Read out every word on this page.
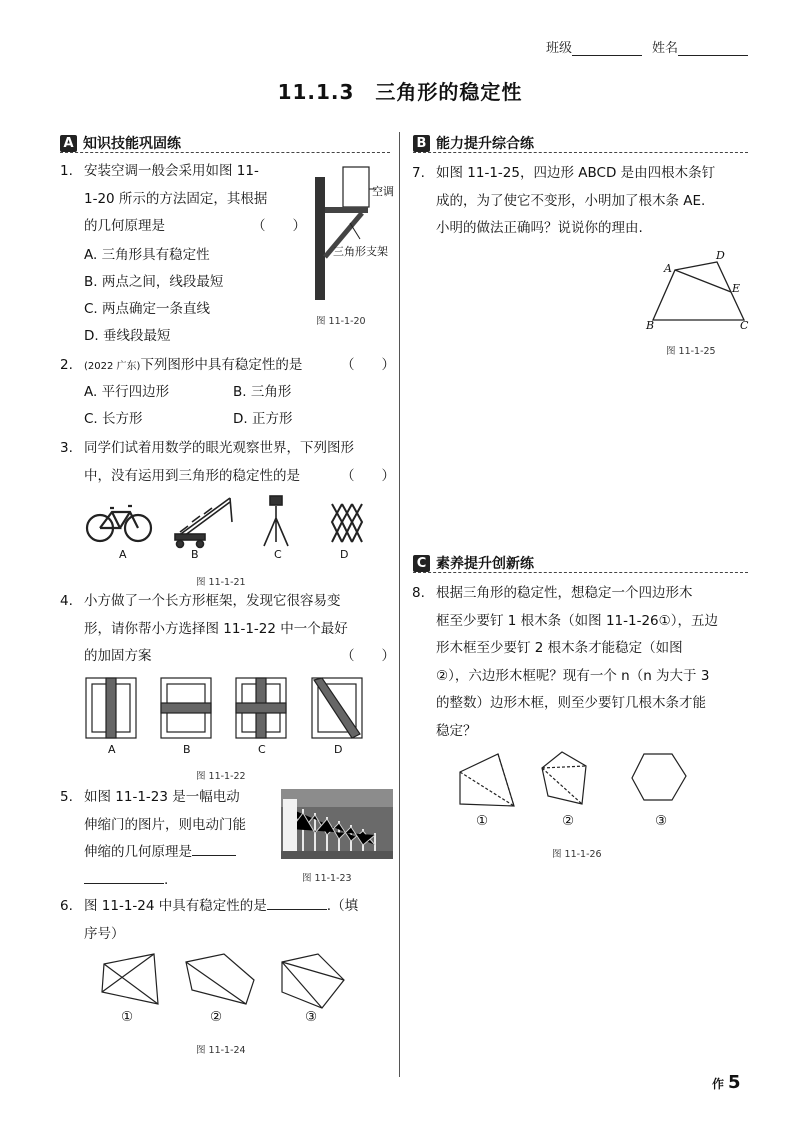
班级	姓名
11.1.3　三角形的稳定性
A 知识技能巩固练
1. 安装空调一般会采用如图 11-
1-20 所示的方法固定，其根据
的几何原理是	（　　）
A. 三角形具有稳定性
B. 两点之间，线段最短
C. 两点确定一条直线
D. 垂线段最短
空调
三角形支架
图 11-1-20
2. (2022 广东)下列图形中具有稳定性的是	（　　）
A. 平行四边形	B. 三角形
C. 长方形	D. 正方形
3. 同学们试着用数学的眼光观察世界，下列图形
中，没有运用到三角形的稳定性的是	（　　）
A	B	C	D
图 11-1-21
4. 小方做了一个长方形框架，发现它很容易变
形，请你帮小方选择图 11-1-22 中一个最好
的加固方案	（　　）
A	B	C	D
图 11-1-22
5. 如图 11-1-23 是一幅电动
伸缩门的图片，则电动门能
伸缩的几何原理是
.	图 11-1-23
6. 图 11-1-24 中具有稳定性的是	.（填
序号）
①	②	③
图 11-1-24
B 能力提升综合练
7. 如图 11-1-25，四边形 ABCD 是由四根木条钉
成的，为了使它不变形，小明加了根木条 AE.
小明的做法正确吗？说说你的理由.
A
D
E
B	C
图 11-1-25
C 素养提升创新练
8. 根据三角形的稳定性，想稳定一个四边形木
框至少要钉 1 根木条（如图 11-1-26①），五边
形木框至少要钉 2 根木条才能稳定（如图
②），六边形木框呢？现有一个 n（n 为大于 3
的整数）边形木框，则至少要钉几根木条才能
稳定？
①	②	③
图 11-1-26
作 5
